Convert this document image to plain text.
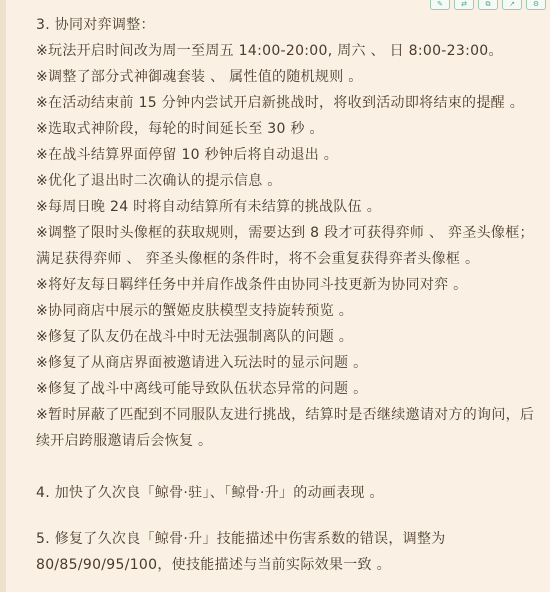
✎	⇄	⧉	↗	⚙
3. 协同对弈调整：
※玩法开启时间改为周一至周五 14:00-20:00, 周六 、 日 8:00-23:00。
※调整了部分式神御魂套装 、 属性值的随机规则 。
※在活动结束前 15 分钟内尝试开启新挑战时，将收到活动即将结束的提醒 。
※选取式神阶段，每轮的时间延长至 30 秒 。
※在战斗结算界面停留 10 秒钟后将自动退出 。
※优化了退出时二次确认的提示信息 。
※每周日晚 24 时将自动结算所有未结算的挑战队伍 。
※调整了限时头像框的获取规则，需要达到 8 段才可获得弈师 、 弈圣头像框；满足获得弈师 、 弈圣头像框的条件时，将不会重复获得弈者头像框 。
※将好友每日羁绊任务中并肩作战条件由协同斗技更新为协同对弈 。
※协同商店中展示的蟹姬皮肤模型支持旋转预览 。
※修复了队友仍在战斗中时无法强制离队的问题 。
※修复了从商店界面被邀请进入玩法时的显示问题 。
※修复了战斗中离线可能导致队伍状态异常的问题 。
※暂时屏蔽了匹配到不同服队友进行挑战，结算时是否继续邀请对方的询问，后续开启跨服邀请后会恢复 。
4. 加快了久次良「鲸骨·驻」、「鲸骨·升」的动画表现 。
5. 修复了久次良「鲸骨·升」技能描述中伤害系数的错误，调整为 80/85/90/95/100，使技能描述与当前实际效果一致 。
